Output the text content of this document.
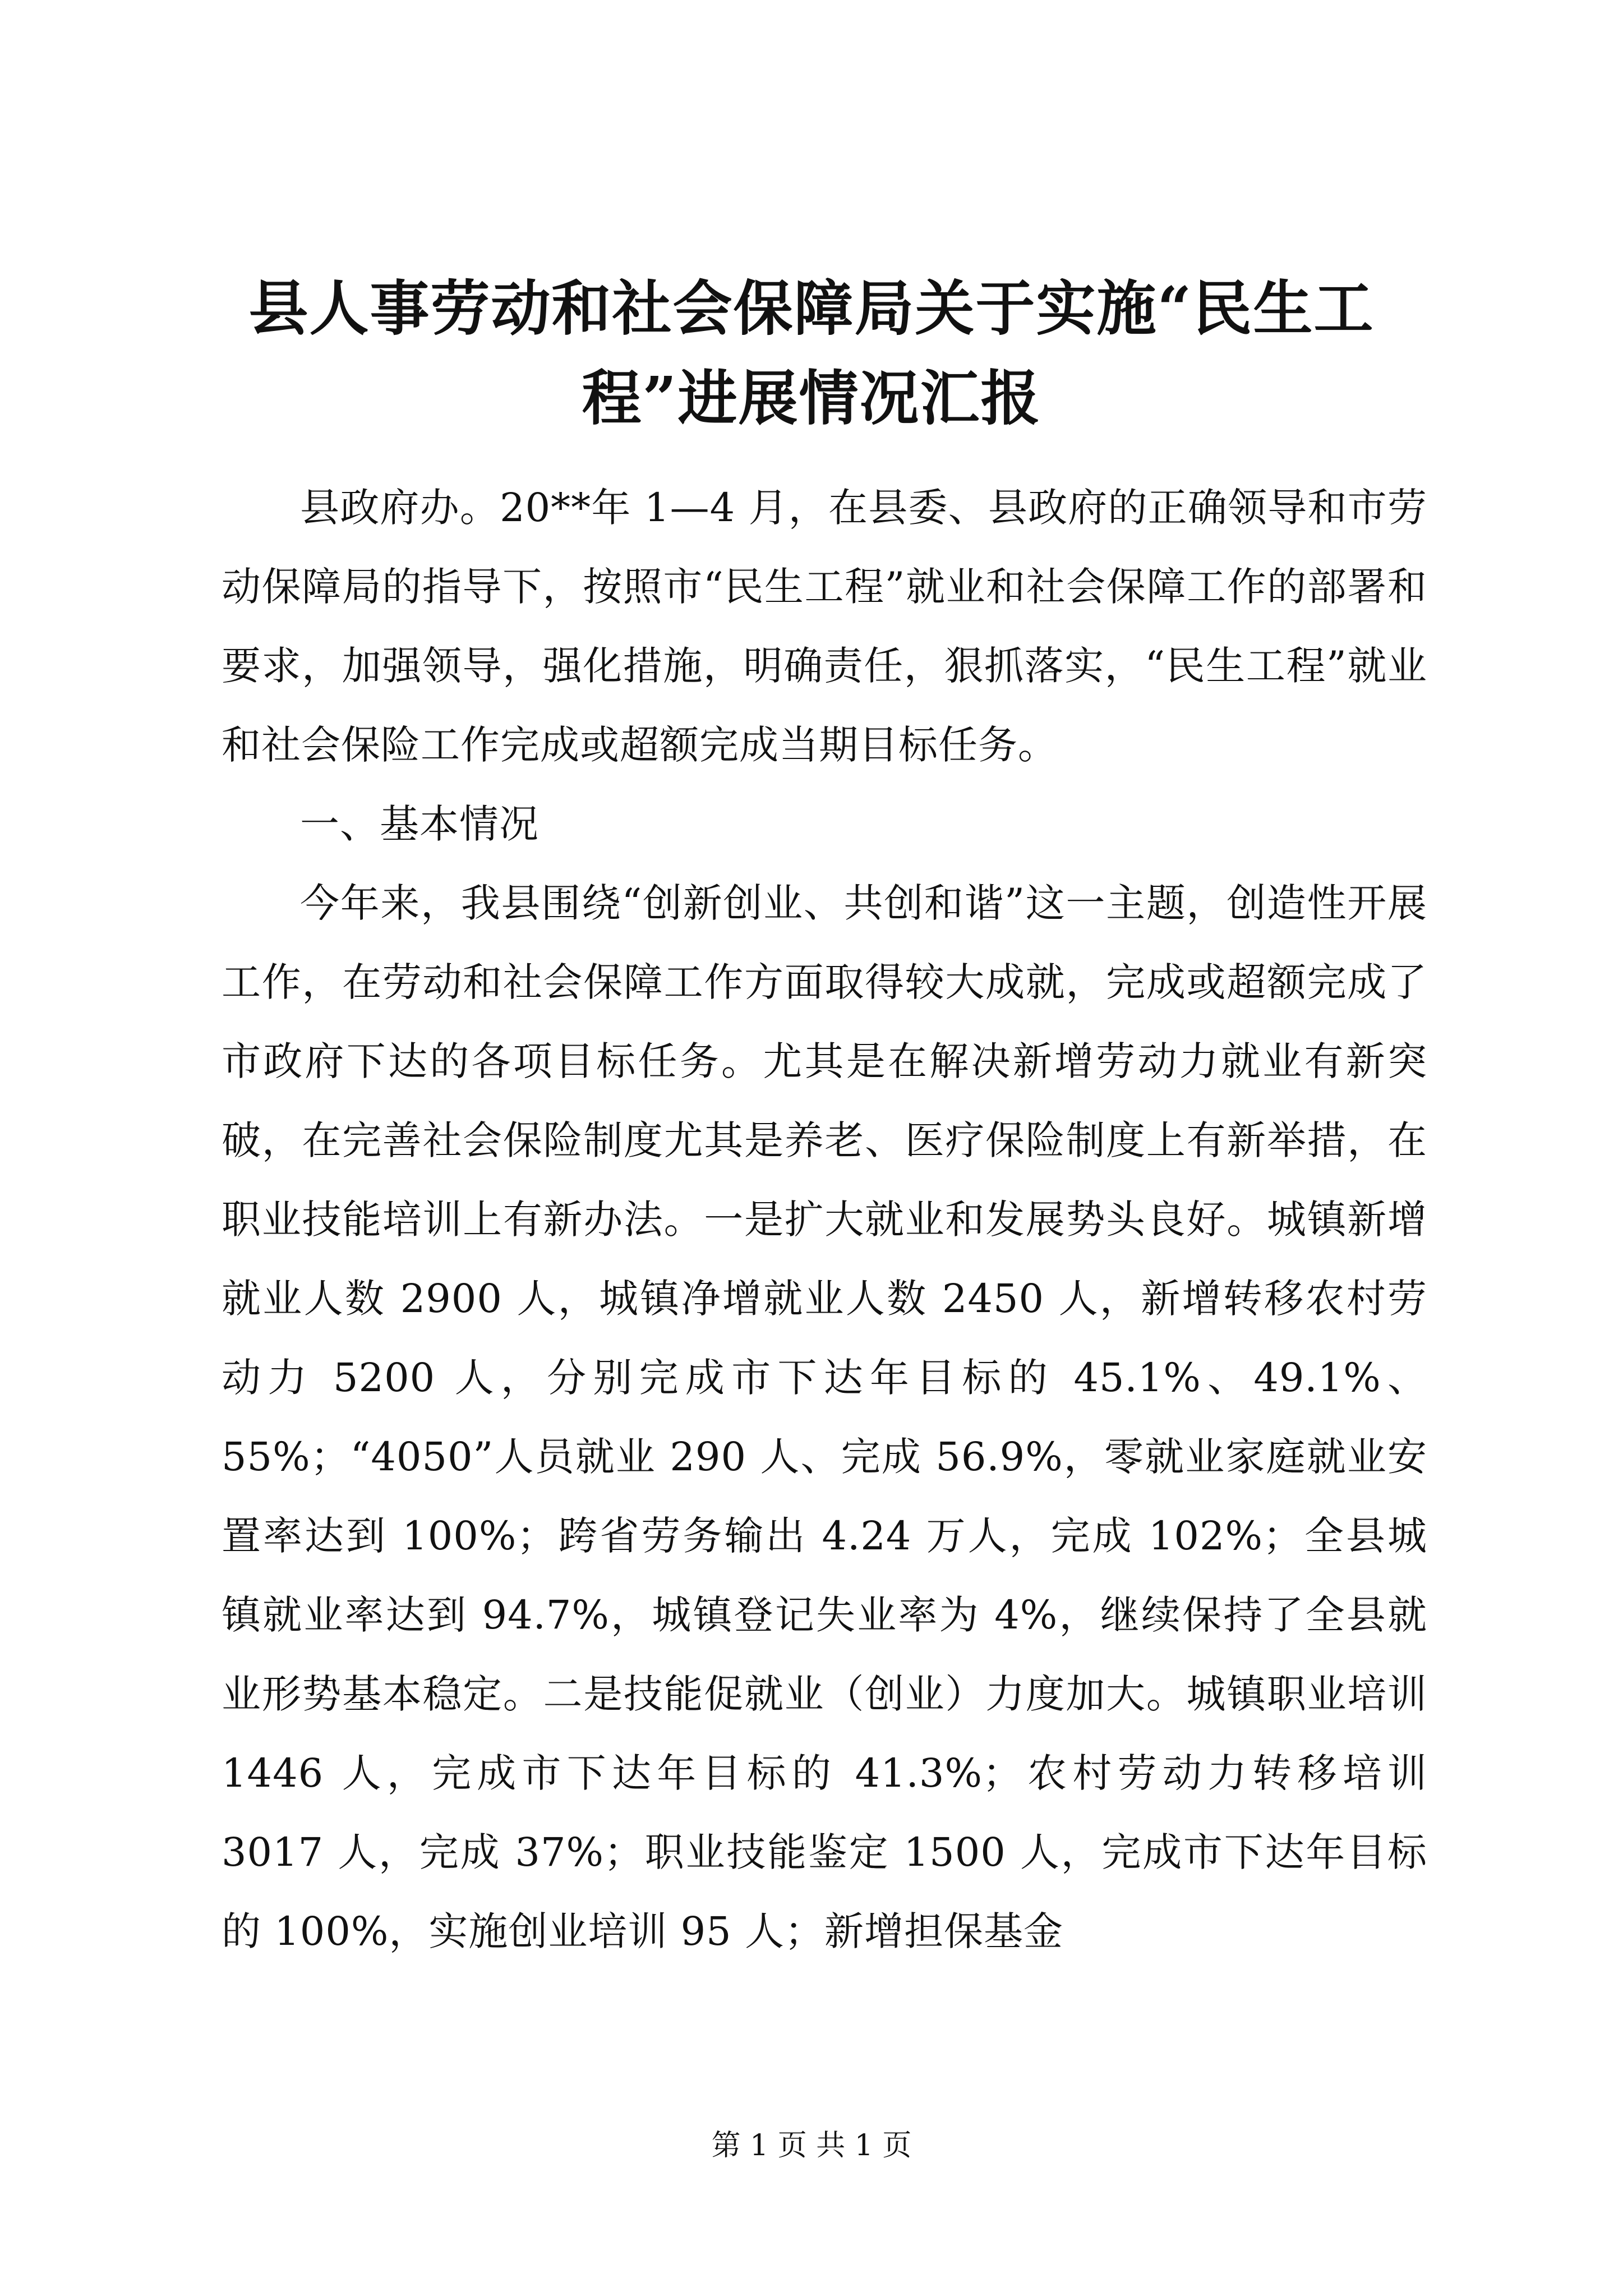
县人事劳动和社会保障局关于实施“民生工
程”进展情况汇报

县政府办。20**年 1—4 月，在县委、县政府的正确领导和市劳动保障局的指导下，按照市“民生工程”就业和社会保障工作的部署和要求，加强领导，强化措施，明确责任，狠抓落实，“民生工程”就业和社会保险工作完成或超额完成当期目标任务。

一、基本情况

今年来，我县围绕“创新创业、共创和谐”这一主题，创造性开展工作，在劳动和社会保障工作方面取得较大成就，完成或超额完成了市政府下达的各项目标任务。尤其是在解决新增劳动力就业有新突破，在完善社会保险制度尤其是养老、医疗保险制度上有新举措，在职业技能培训上有新办法。一是扩大就业和发展势头良好。城镇新增就业人数 2900 人，城镇净增就业人数 2450 人，新增转移农村劳动力 5200 人，分别完成市下达年目标的 45.1%、49.1%、55%；“4050”人员就业 290 人、完成 56.9%，零就业家庭就业安置率达到 100%；跨省劳务输出 4.24 万人，完成 102%；全县城镇就业率达到 94.7%，城镇登记失业率为 4%，继续保持了全县就业形势基本稳定。二是技能促就业（创业）力度加大。城镇职业培训 1446 人，完成市下达年目标的 41.3%；农村劳动力转移培训 3017 人，完成 37%；职业技能鉴定 1500 人，完成市下达年目标的 100%，实施创业培训 95 人；新增担保基金

第 1 页 共 1 页
